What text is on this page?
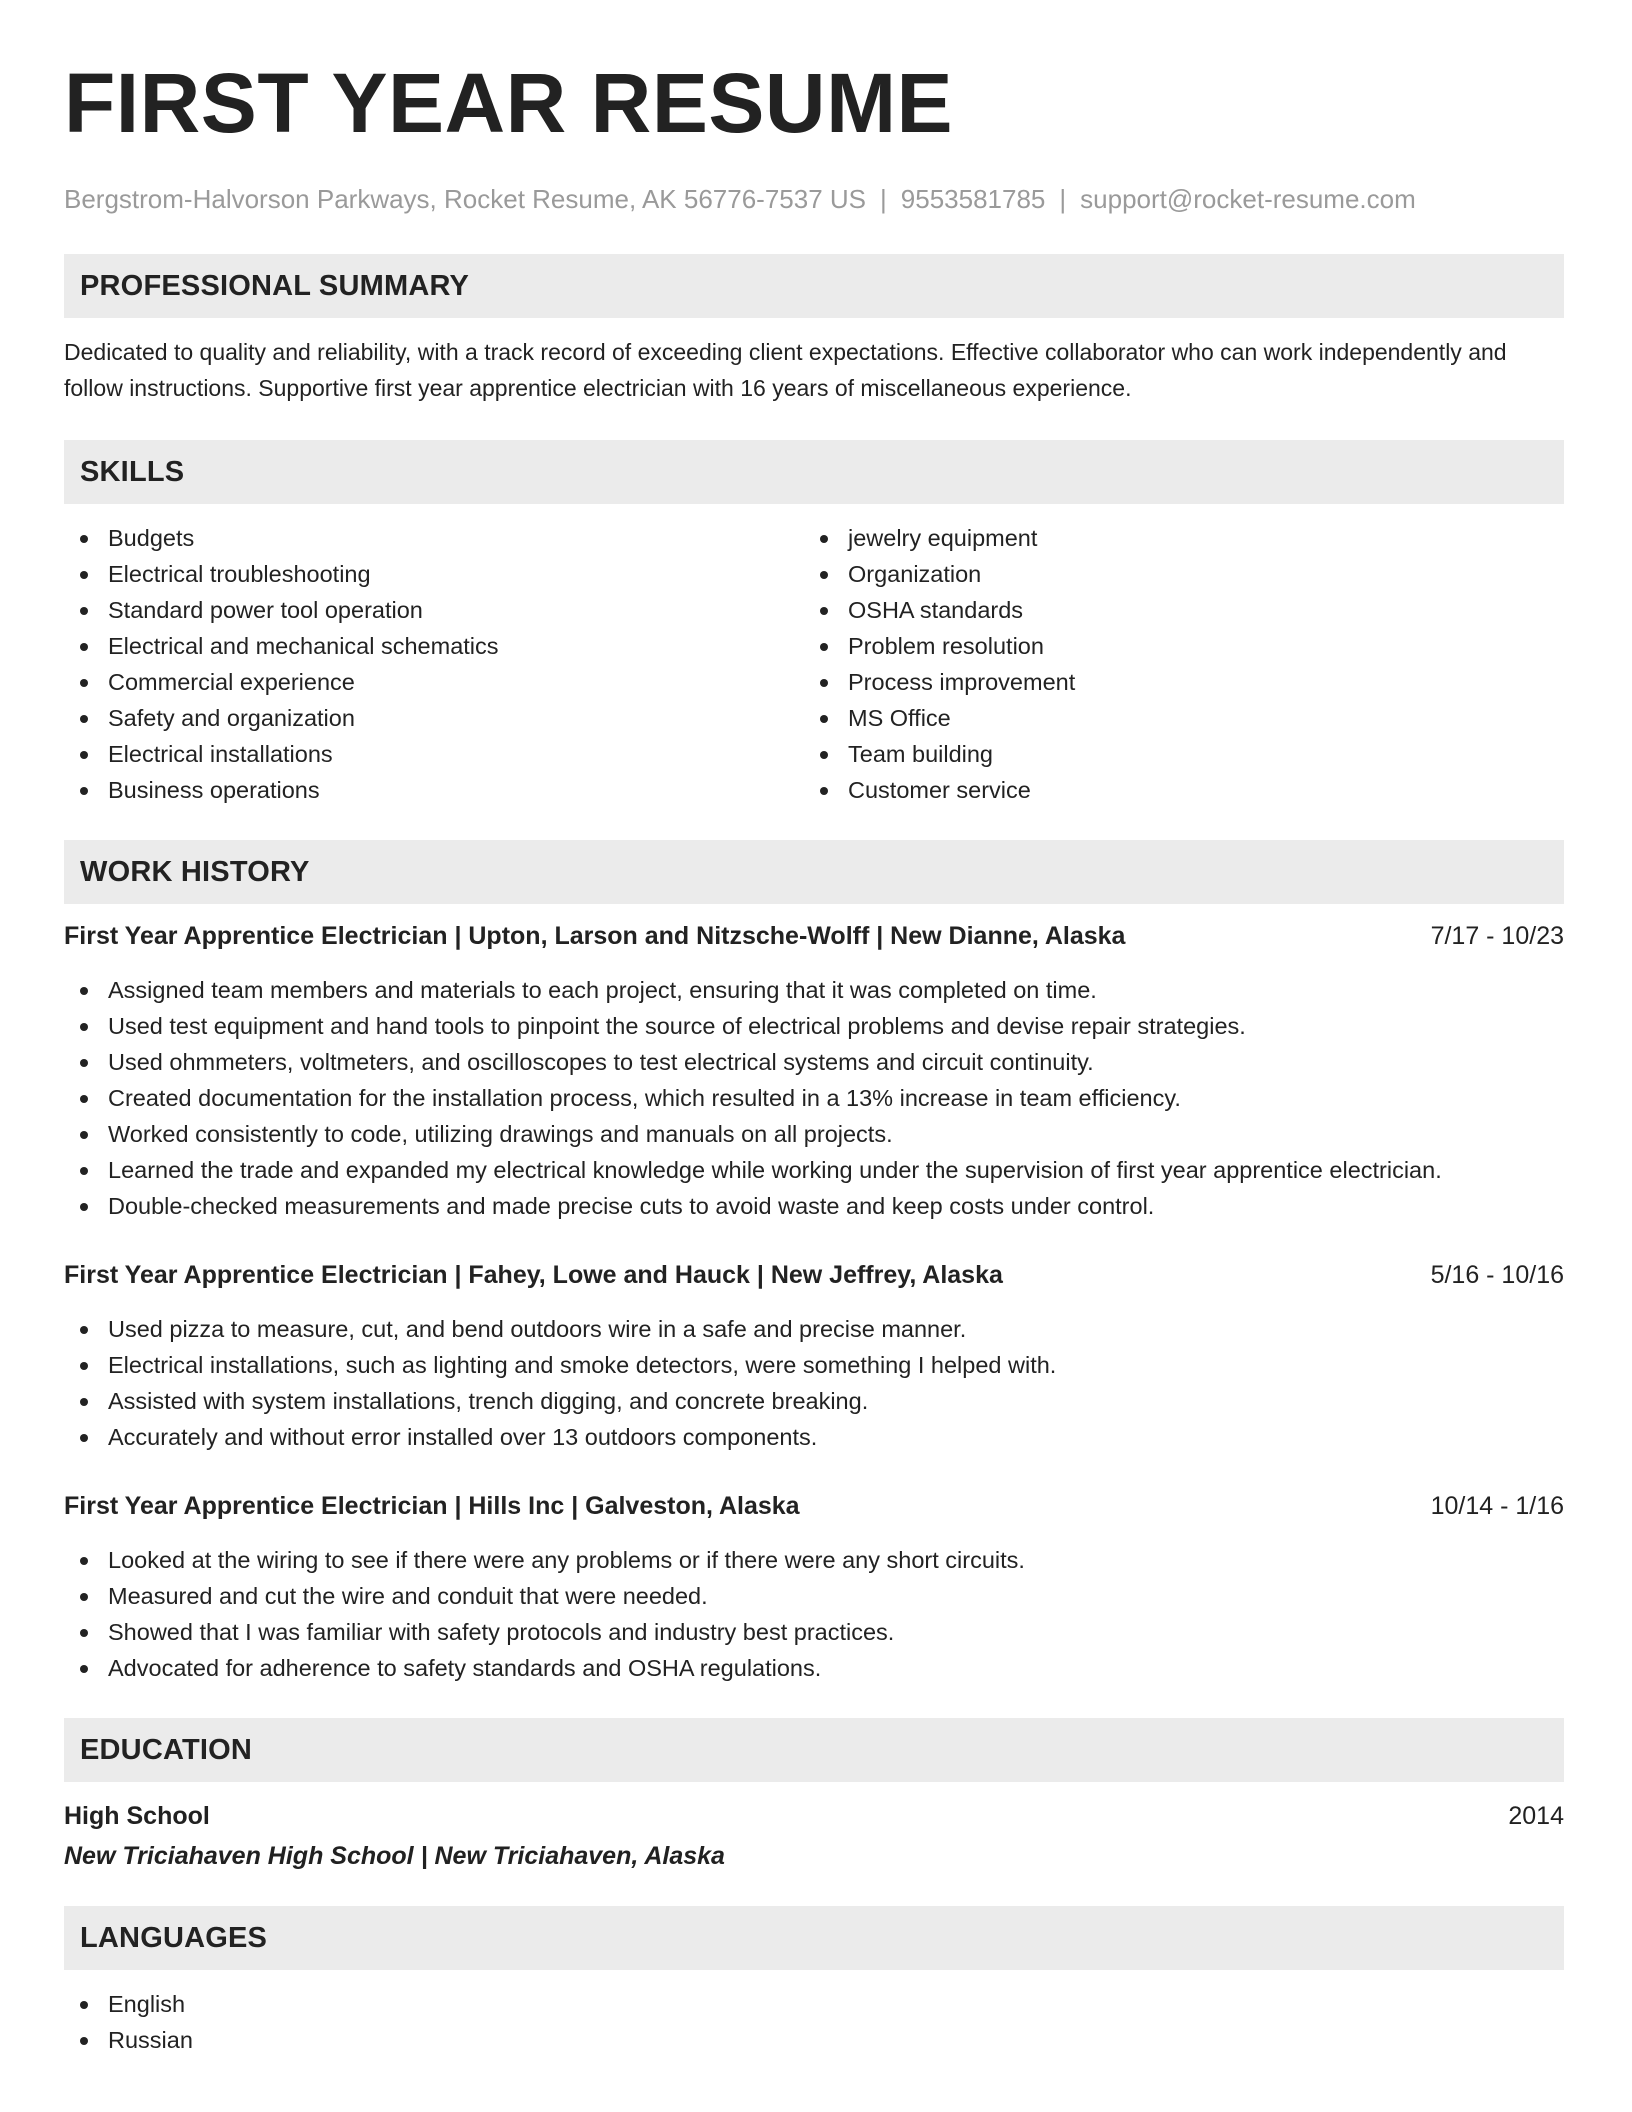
FIRST YEAR RESUME
Bergstrom-Halvorson Parkways, Rocket Resume, AK 56776-7537 US | 9553581785 | support@rocket-resume.com
PROFESSIONAL SUMMARY

Dedicated to quality and reliability, with a track record of exceeding client expectations. Effective collaborator who can work independently and follow instructions. Supportive first year apprentice electrician with 16 years of miscellaneous experience.

SKILLS
Budgets
Electrical troubleshooting
Standard power tool operation
Electrical and mechanical schematics
Commercial experience
Safety and organization
Electrical installations
Business operations
jewelry equipment
Organization
OSHA standards
Problem resolution
Process improvement
MS Office
Team building
Customer service
WORK HISTORY
First Year Apprentice Electrician | Upton, Larson and Nitzsche-Wolff | New Dianne, Alaska	7/17 - 10/23
Assigned team members and materials to each project, ensuring that it was completed on time.
Used test equipment and hand tools to pinpoint the source of electrical problems and devise repair strategies.
Used ohmmeters, voltmeters, and oscilloscopes to test electrical systems and circuit continuity.
Created documentation for the installation process, which resulted in a 13% increase in team efficiency.
Worked consistently to code, utilizing drawings and manuals on all projects.
Learned the trade and expanded my electrical knowledge while working under the supervision of first year apprentice electrician.
Double-checked measurements and made precise cuts to avoid waste and keep costs under control.
First Year Apprentice Electrician | Fahey, Lowe and Hauck | New Jeffrey, Alaska	5/16 - 10/16
Used pizza to measure, cut, and bend outdoors wire in a safe and precise manner.
Electrical installations, such as lighting and smoke detectors, were something I helped with.
Assisted with system installations, trench digging, and concrete breaking.
Accurately and without error installed over 13 outdoors components.
First Year Apprentice Electrician | Hills Inc | Galveston, Alaska	10/14 - 1/16
Looked at the wiring to see if there were any problems or if there were any short circuits.
Measured and cut the wire and conduit that were needed.
Showed that I was familiar with safety protocols and industry best practices.
Advocated for adherence to safety standards and OSHA regulations.
EDUCATION
High School	2014
New Triciahaven High School | New Triciahaven, Alaska
LANGUAGES
English
Russian
